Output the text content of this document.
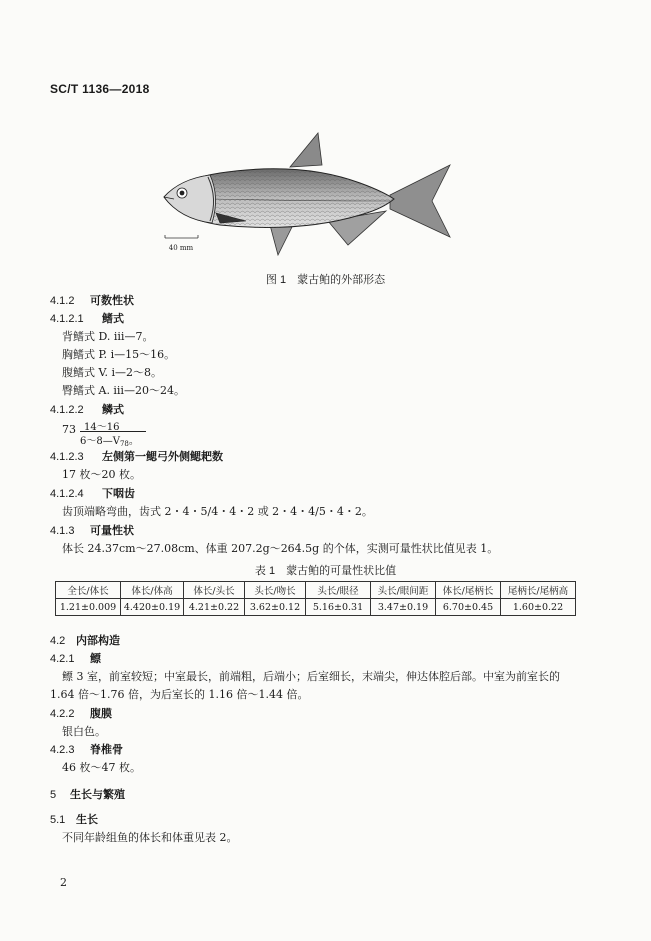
SC/T 1136—2018
40 mm
图 1　蒙古鲌的外部形态
4.1.2 可数性状
4.1.2.1 鳍式
背鳍式 D. ⅲ—7。
胸鳍式 P. ⅰ—15～16。
腹鳍式 V. ⅰ—2～8。
臀鳍式 A. ⅲ—20～24。
4.1.2.2 鳞式
73 14～16
$6\sim 8—V_{78}$。
4.1.2.3 左侧第一鳃弓外侧鳃耙数
17 枚～20 枚。
4.1.2.4 下咽齿
齿顶端略弯曲，齿式 2・4・5/4・4・2 或 2・4・4/5・4・2。
4.1.3 可量性状
体长 24.37cm～27.08cm、体重 207.2g～264.5g 的个体，实测可量性状比值见表 1。
表 1　蒙古鲌的可量性状比值
全长/体长	体长/体高	体长/头长	头长/吻长	头长/眼径	头长/眼间距	体长/尾柄长	尾柄长/尾柄高
1.21±0.009	4.420±0.19	4.21±0.22	3.62±0.12	5.16±0.31	3.47±0.19	6.70±0.45	1.60±0.22
4.2 内部构造
4.2.1 鳔
鳔 3 室，前室较短；中室最长，前端粗，后端小；后室细长，末端尖，伸达体腔后部。中室为前室长的
1.64 倍～1.76 倍，为后室长的 1.16 倍～1.44 倍。
4.2.2 腹膜
银白色。
4.2.3 脊椎骨
46 枚～47 枚。
5 生长与繁殖
5.1 生长
不同年龄组鱼的体长和体重见表 2。
2
